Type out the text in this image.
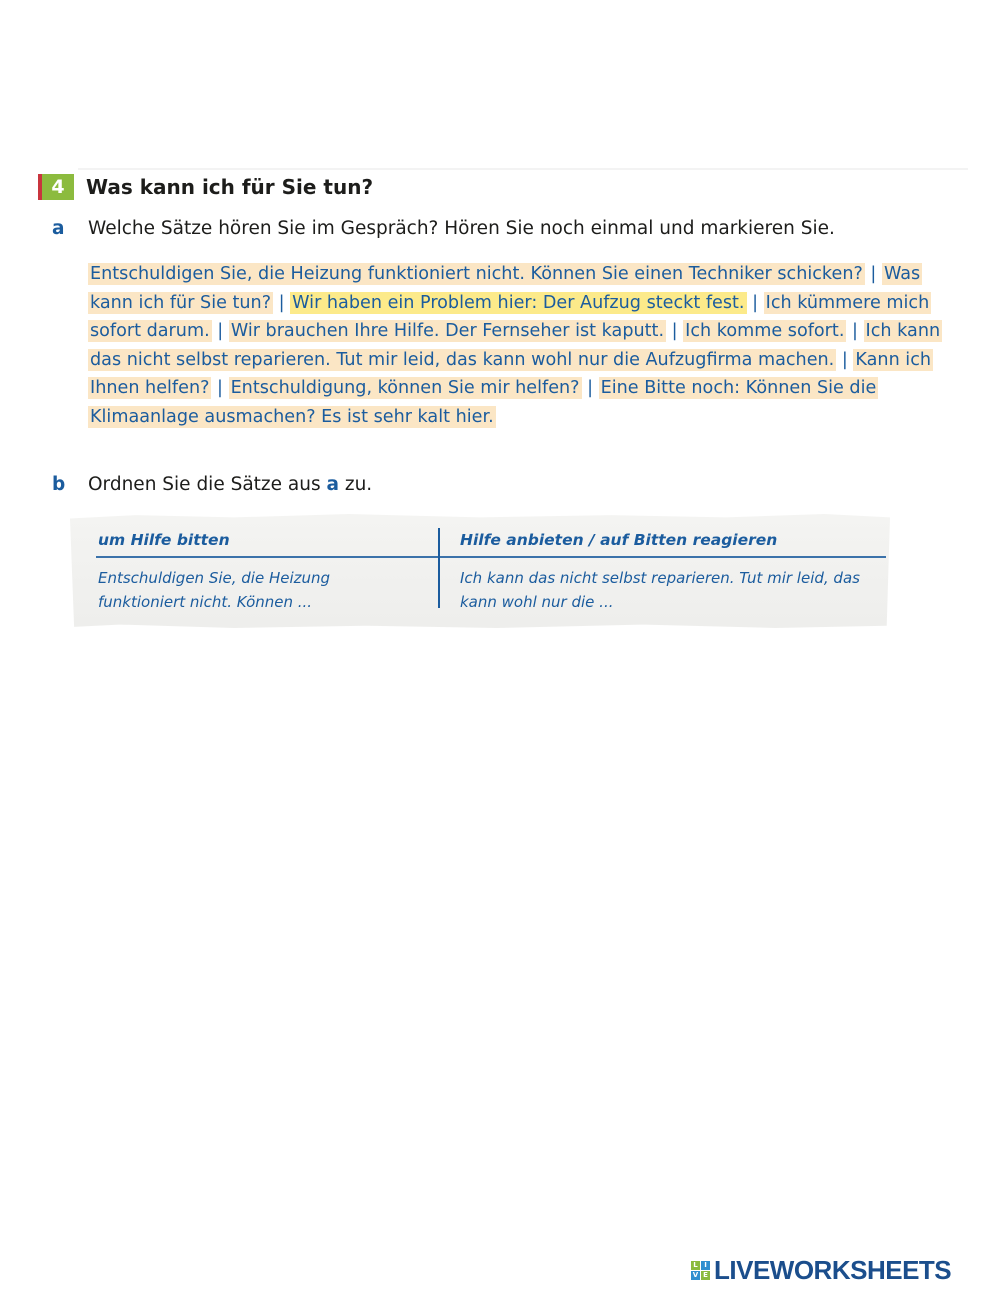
4	Was kann ich für Sie tun?
a Welche Sätze hören Sie im Gespräch? Hören Sie noch einmal und markieren Sie.
Entschuldigen Sie, die Heizung funktioniert nicht. Können Sie einen Techniker schicken? | Was kann ich für Sie tun? | Wir haben ein Problem hier: Der Aufzug steckt fest. | Ich kümmere mich sofort darum. | Wir brauchen Ihre Hilfe. Der Fernseher ist kaputt. | Ich komme sofort. | Ich kann das nicht selbst reparieren. Tut mir leid, das kann wohl nur die Aufzugfirma machen. | Kann ich Ihnen helfen? | Entschuldigung, können Sie mir helfen? | Eine Bitte noch: Können Sie die Klimaanlage ausmachen? Es ist sehr kalt hier.
b Ordnen Sie die Sätze aus a zu.
um Hilfe bitten	Hilfe anbieten / auf Bitten reagieren
Entschuldigen Sie, die Heizung funktioniert nicht. Können ...
Ich kann das nicht selbst reparieren. Tut mir leid, das kann wohl nur die ...
L I
V E LIVEWORKSHEETS
